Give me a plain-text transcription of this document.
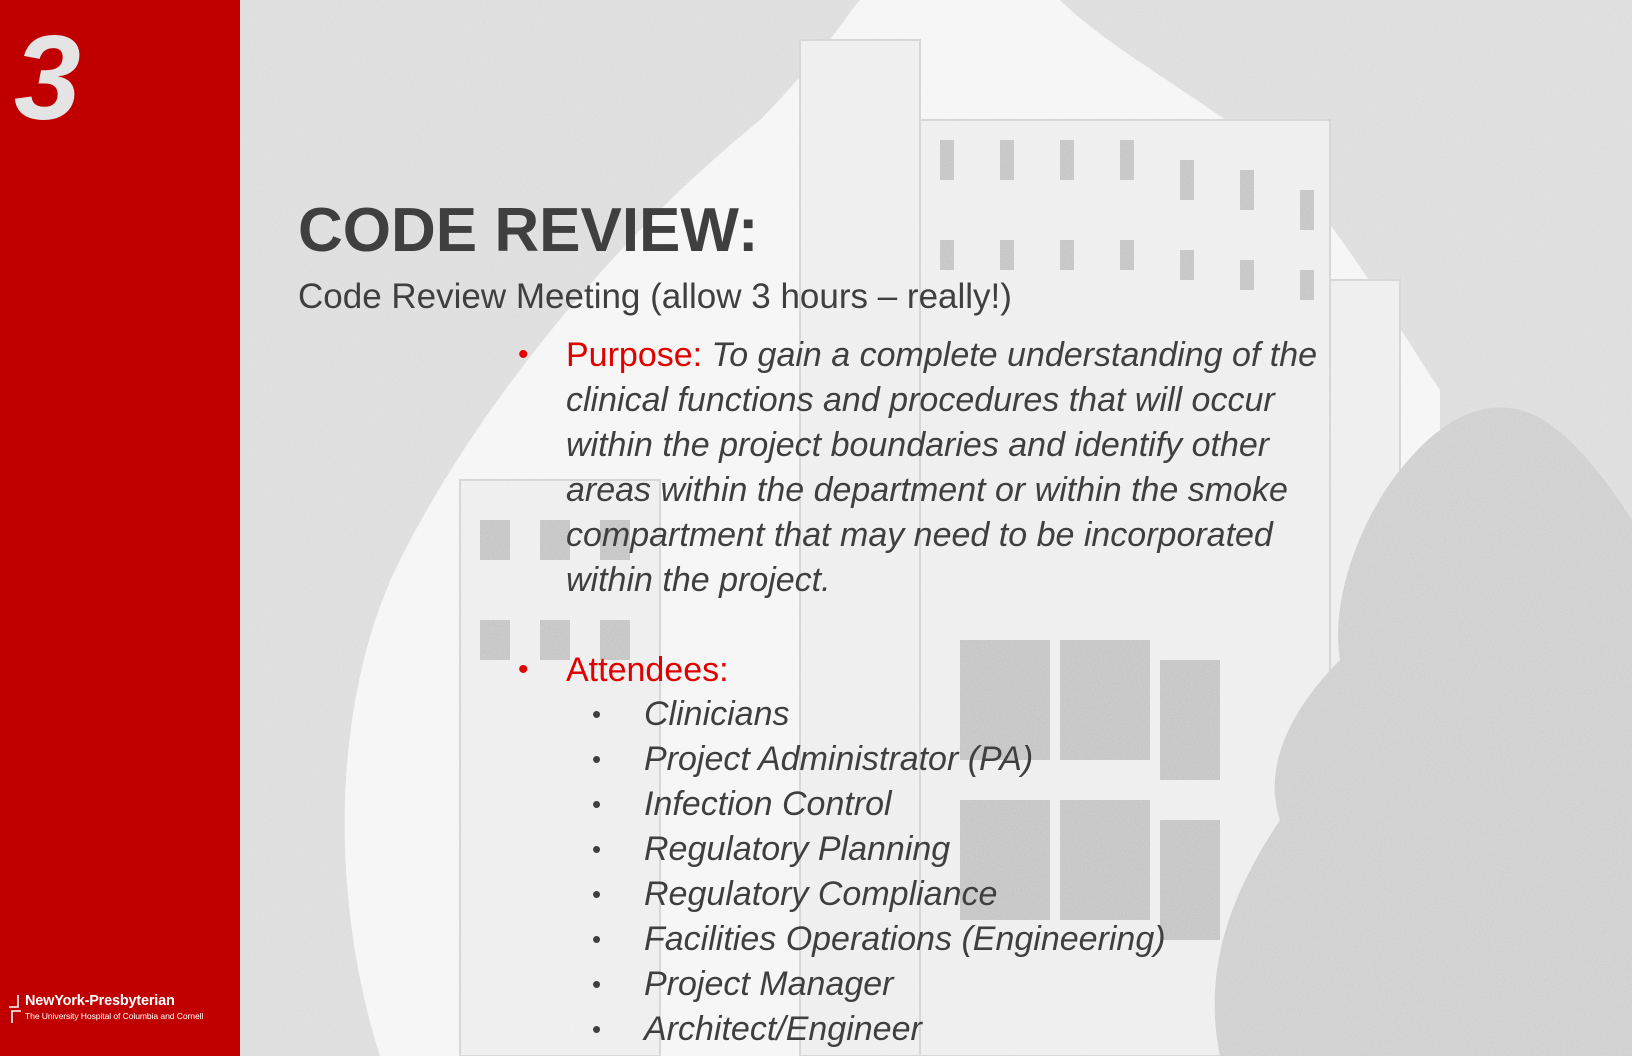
3
NewYork-Presbyterian
The University Hospital of Columbia and Cornell
CODE REVIEW:
Code Review Meeting (allow 3 hours – really!)
• Purpose: To gain a complete understanding of the clinical functions and procedures that will occur within the project boundaries and identify other areas within the department or within the smoke compartment that may need to be incorporated within the project.
• Attendees:
• Clinicians
• Project Administrator (PA)
• Infection Control
• Regulatory Planning
• Regulatory Compliance
• Facilities Operations (Engineering)
• Project Manager
• Architect/Engineer
